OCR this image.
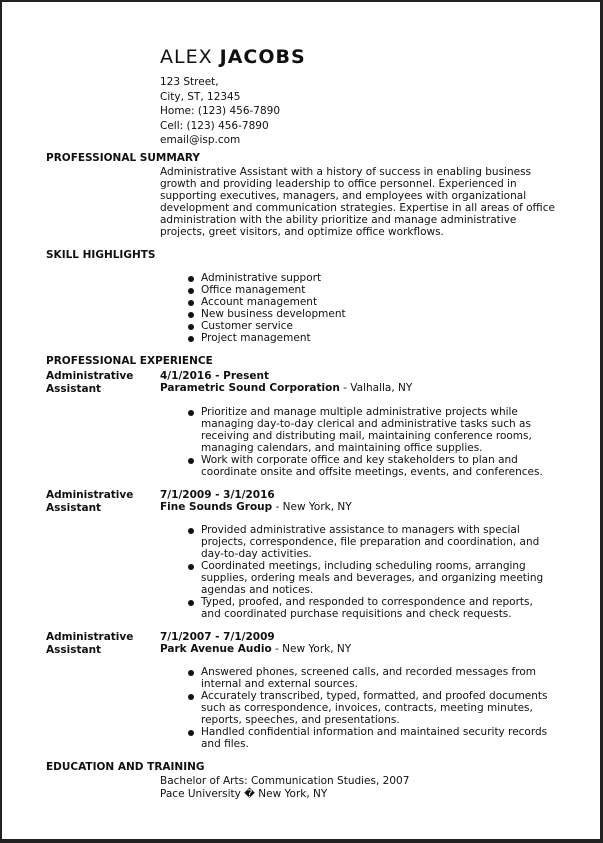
ALEX JACOBS
123 Street,
City, ST, 12345
Home: (123) 456-7890
Cell: (123) 456-7890
email@isp.com
PROFESSIONAL SUMMARY
Administrative Assistant with a history of success in enabling business
growth and providing leadership to office personnel. Experienced in
supporting executives, managers, and employees with organizational
development and communication strategies. Expertise in all areas of office
administration with the ability prioritize and manage administrative
projects, greet visitors, and optimize office workflows.
SKILL HIGHLIGHTS
Administrative support
Office management
Account management
New business development
Customer service
Project management
PROFESSIONAL EXPERIENCE
Administrative
Assistant
4/1/2016 - Present
Parametric Sound Corporation - Valhalla, NY
Prioritize and manage multiple administrative projects while
managing day-to-day clerical and administrative tasks such as
receiving and distributing mail, maintaining conference rooms,
managing calendars, and maintaining office supplies.
Work with corporate office and key stakeholders to plan and
coordinate onsite and offsite meetings, events, and conferences.
Administrative
Assistant
7/1/2009 - 3/1/2016
Fine Sounds Group - New York, NY
Provided administrative assistance to managers with special
projects, correspondence, file preparation and coordination, and
day-to-day activities.
Coordinated meetings, including scheduling rooms, arranging
supplies, ordering meals and beverages, and organizing meeting
agendas and notices.
Typed, proofed, and responded to correspondence and reports,
and coordinated purchase requisitions and check requests.
Administrative
Assistant
7/1/2007 - 7/1/2009
Park Avenue Audio - New York, NY
Answered phones, screened calls, and recorded messages from
internal and external sources.
Accurately transcribed, typed, formatted, and proofed documents
such as correspondence, invoices, contracts, meeting minutes,
reports, speeches, and presentations.
Handled confidential information and maintained security records
and files.
EDUCATION AND TRAINING
Bachelor of Arts: Communication Studies, 2007
Pace University � New York, NY
